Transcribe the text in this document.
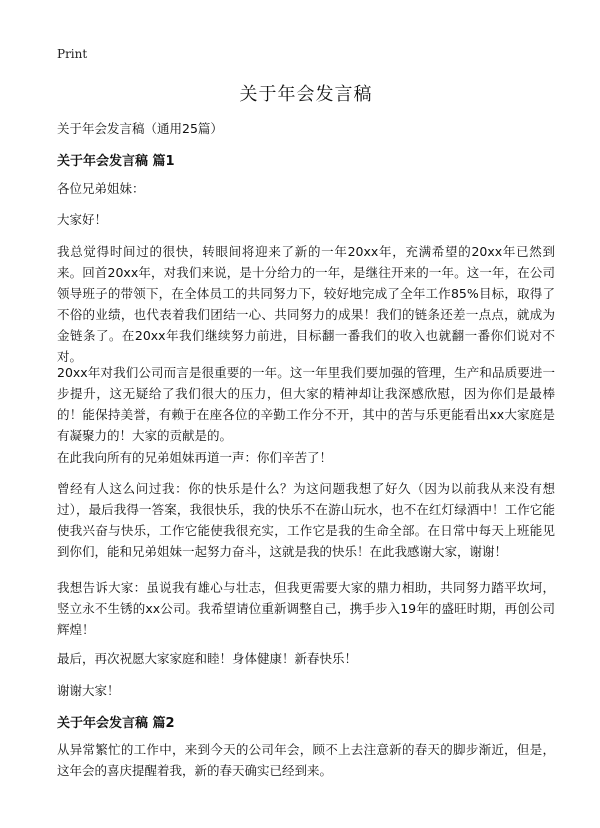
Print
关于年会发言稿
关于年会发言稿（通用25篇）
关于年会发言稿 篇1

各位兄弟姐妹：

大家好！

我总觉得时间过的很快，转眼间将迎来了新的一年20xx年，充满希望的20xx年已然到来。回首20xx年，对我们来说，是十分给力的一年，是继往开来的一年。这一年，在公司领导班子的带领下，在全体员工的共同努力下，较好地完成了全年工作85%目标，取得了不俗的业绩，也代表着我们团结一心、共同努力的成果！我们的链条还差一点点，就成为金链条了。在20xx年我们继续努力前进，目标翻一番我们的收入也就翻一番你们说对不对。

20xx年对我们公司而言是很重要的一年。这一年里我们要加强的管理，生产和品质要进一步提升，这无疑给了我们很大的压力，但大家的精神却让我深感欣慰，因为你们是最棒的！能保持美誉，有赖于在座各位的辛勤工作分不开，其中的苦与乐更能看出xx大家庭是有凝聚力的！大家的贡献是的。

在此我向所有的兄弟姐妹再道一声：你们辛苦了！

曾经有人这么问过我：你的快乐是什么？为这问题我想了好久（因为以前我从来没有想过），最后我得一答案，我很快乐，我的快乐不在游山玩水，也不在红灯绿酒中！工作它能使我兴奋与快乐，工作它能使我很充实，工作它是我的生命全部。在日常中每天上班能见到你们，能和兄弟姐妹一起努力奋斗，这就是我的快乐！在此我感谢大家，谢谢！

我想告诉大家：虽说我有雄心与壮志，但我更需要大家的鼎力相助，共同努力踏平坎坷，竖立永不生锈的xx公司。我希望请位重新调整自己，携手步入19年的盛旺时期，再创公司辉煌！

最后，再次祝愿大家家庭和睦！身体健康！新春快乐！

谢谢大家！

关于年会发言稿 篇2

从异常繁忙的工作中，来到今天的公司年会，顾不上去注意新的春天的脚步渐近，但是，这年会的喜庆提醒着我，新的春天确实已经到来。
